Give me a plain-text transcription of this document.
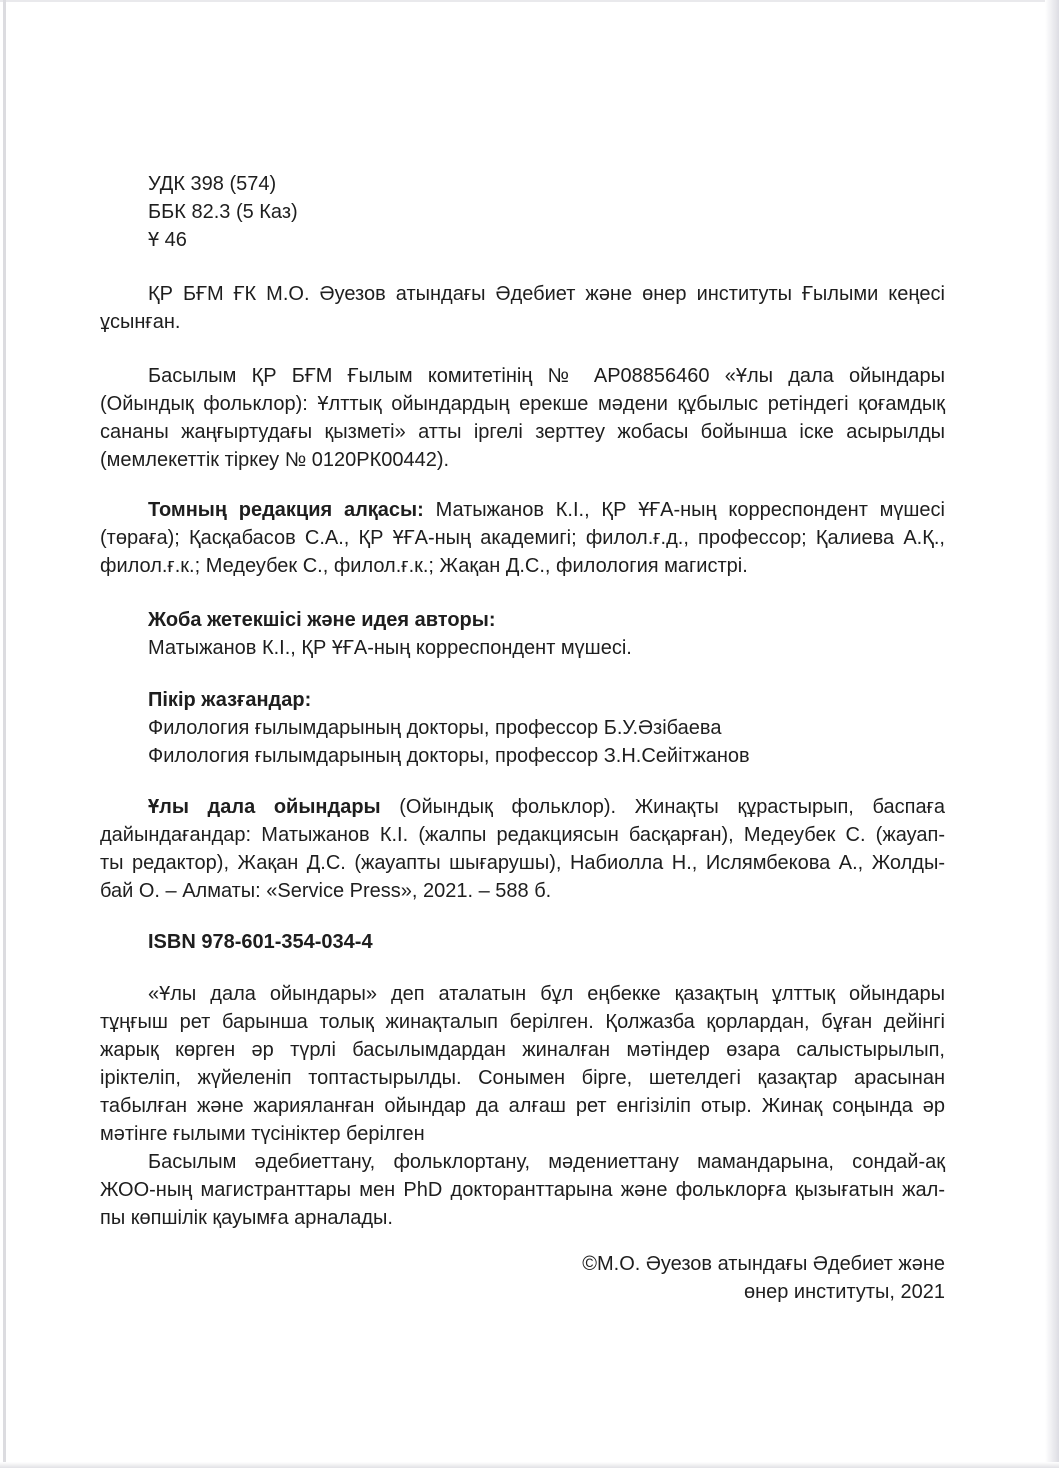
УДК 398 (574)
ББК 82.3 (5 Каз)
Ұ 46
ҚР БҒМ ҒК М.О. Әуезов атындағы Әдебиет және өнер институты Ғылыми кеңесі
ұсынған.
Басылым ҚР БҒМ Ғылым комитетінің № АР08856460 «Ұлы дала ойындары
(Ойындық фольклор): Ұлттық ойындардың ерекше мәдени құбылыс ретіндегі қоғамдық
сананы жаңғыртудағы қызметі» атты іргелі зерттеу жобасы бойынша іске асырылды
(мемлекеттік тіркеу № 0120РК00442).
Томның редакция алқасы: Матыжанов К.І., ҚР ҰҒА-ның корреспондент мүшесі
(төраға); Қасқабасов С.А., ҚР ҰҒА-ның академигі; филол.ғ.д., профессор; Қалиева А.Қ.,
филол.ғ.к.; Медеубек С., филол.ғ.к.; Жақан Д.С., филология магистрі.
Жоба жетекшісі және идея авторы:
Матыжанов К.І., ҚР ҰҒА-ның корреспондент мүшесі.
Пікір жазғандар:
Филология ғылымдарының докторы, профессор Б.У.Әзібаева
Филология ғылымдарының докторы, профессор З.Н.Сейітжанов
Ұлы дала ойындары (Ойындық фольклор). Жинақты құрастырып, баспаға
дайындағандар: Матыжанов К.І. (жалпы редакциясын басқарған), Медеубек С. (жауап-
ты редактор), Жақан Д.С. (жауапты шығарушы), Набиолла Н., Ислямбекова А., Жолды-
бай О. – Алматы: «Service Press», 2021. – 588 б.
ISBN 978-601-354-034-4
«Ұлы дала ойындары» деп аталатын бұл еңбекке қазақтың ұлттық ойындары
тұңғыш рет барынша толық жинақталып берілген. Қолжазба қорлардан, бұған дейінгі
жарық көрген әр түрлі басылымдардан жиналған мәтіндер өзара салыстырылып,
іріктеліп, жүйеленіп топтастырылды. Сонымен бірге, шетелдегі қазақтар арасынан
табылған және жарияланған ойындар да алғаш рет енгізіліп отыр. Жинақ соңында әр
мәтінге ғылыми түсініктер берілген
Басылым әдебиеттану, фольклортану, мәдениеттану мамандарына, сондай-ақ
ЖОО-ның магистранттары мен PhD докторанттарына және фольклорға қызығатын жал-
пы көпшілік қауымға арналады.
©М.О. Әуезов атындағы Әдебиет және
өнер институты, 2021
